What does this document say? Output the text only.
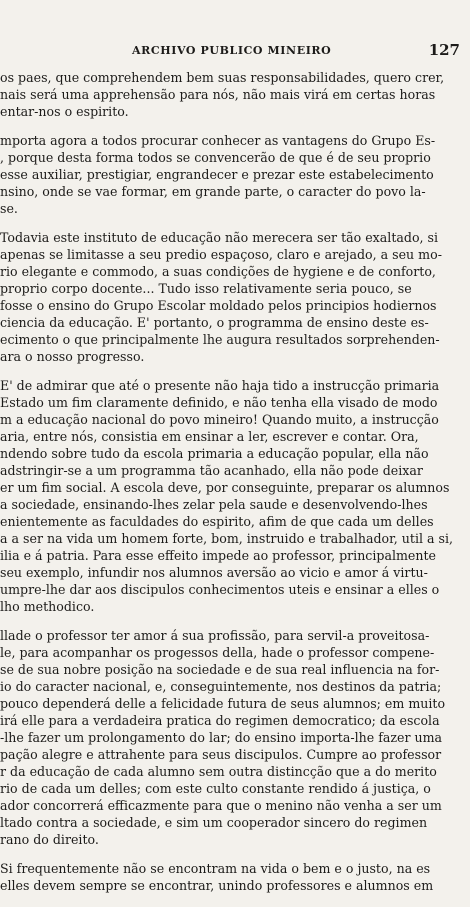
ARCHIVO PUBLICO MINEIRO	127
os paes, que comprehendem bem suas responsabilidades, quero crer,
nais será uma apprehensão para nós, não mais virá em certas horas
entar-nos o espirito.
mporta agora a todos procurar conhecer as vantagens do Grupo Es-
, porque desta forma todos se convencerão de que é de seu proprio
esse auxiliar, prestigiar, engrandecer e prezar este estabelecimento
nsino, onde se vae formar, em grande parte, o caracter do povo la-
se.
Todavia este instituto de educação não merecera ser tão exaltado, si
apenas se limitasse a seu predio espaçoso, claro e arejado, a seu mo-
rio elegante e commodo, a suas condições de hygiene e de conforto,
proprio corpo docente... Tudo isso relativamente seria pouco, se
fosse o ensino do Grupo Escolar moldado pelos principios hodiernos
ciencia da educação. E' portanto, o programma de ensino deste es-
ecimento o que principalmente lhe augura resultados sorprehenden-
ara o nosso progresso.
E' de admirar que até o presente não haja tido a instrucção primaria
Estado um fim claramente definido, e não tenha ella visado de modo
m a educação nacional do povo mineiro! Quando muito, a instrucção
aria, entre nós, consistia em ensinar a ler, escrever e contar. Ora,
ndendo sobre tudo da escola primaria a educação popular, ella não
adstringir-se a um programma tão acanhado, ella não pode deixar
er um fim social. A escola deve, por conseguinte, preparar os alumnos
a sociedade, ensinando-lhes zelar pela saude e desenvolvendo-lhes
enientemente as faculdades do espirito, afim de que cada um delles
a a ser na vida um homem forte, bom, instruido e trabalhador, util a si,
ilia e á patria. Para esse effeito impede ao professor, principalmente
seu exemplo, infundir nos alumnos aversão ao vicio e amor á virtu-
umpre-lhe dar aos discipulos conhecimentos uteis e ensinar a elles o
lho methodico.
llade o professor ter amor á sua profissão, para servil-a proveitosa-
le, para acompanhar os progessos della, hade o professor compene-
se de sua nobre posição na sociedade e de sua real influencia na for-
io do caracter nacional, e, conseguintemente, nos destinos da patria;
pouco dependerá delle a felicidade futura de seus alumnos; em muito
irá elle para a verdadeira pratica do regimen democratico; da escola
-lhe fazer um prolongamento do lar; do ensino importa-lhe fazer uma
pação alegre e attrahente para seus discipulos. Cumpre ao professor
r da educação de cada alumno sem outra distincção que a do merito
rio de cada um delles; com este culto constante rendido á justiça, o
ador concorrerá efficazmente para que o menino não venha a ser um
ltado contra a sociedade, e sim um cooperador sincero do regimen
rano do direito.
Si frequentemente não se encontram na vida o bem e o justo, na es
elles devem sempre se encontrar, unindo professores e alumnos em
